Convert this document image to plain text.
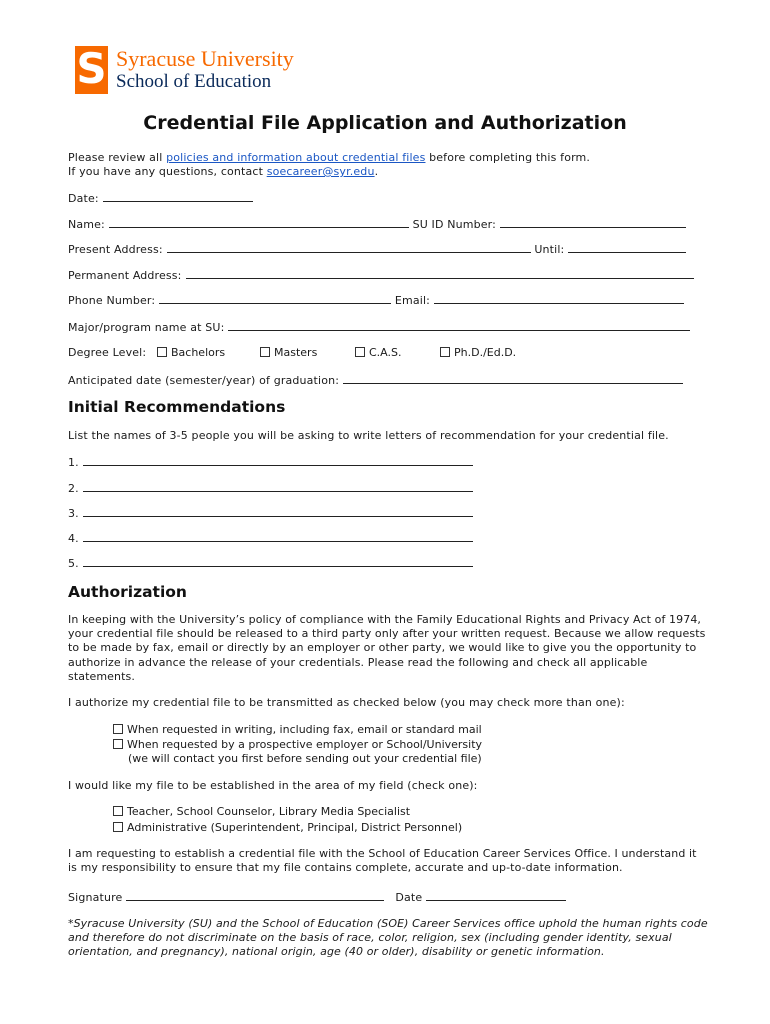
S Syracuse University
School of Education
Credential File Application and Authorization
Please review all policies and information about credential files before completing this form.
If you have any questions, contact soecareer@syr.edu.
Date:
Name:	SU ID Number:
Present Address:	Until:
Permanent Address:
Phone Number:	Email:
Major/program name at SU:
Degree Level:	Bachelors	Masters	C.A.S.	Ph.D./Ed.D.
Anticipated date (semester/year) of graduation:
Initial Recommendations
List the names of 3-5 people you will be asking to write letters of recommendation for your credential file.
1.
2.
3.
4.
5.
Authorization
In keeping with the University’s policy of compliance with the Family Educational Rights and Privacy Act of 1974, your credential file should be released to a third party only after your written request. Because we allow requests to be made by fax, email or directly by an employer or other party, we would like to give you the opportunity to authorize in advance the release of your credentials. Please read the following and check all applicable statements.
I authorize my credential file to be transmitted as checked below (you may check more than one):
When requested in writing, including fax, email or standard mail
When requested by a prospective employer or School/University
(we will contact you first before sending out your credential file)
I would like my file to be established in the area of my field (check one):
Teacher, School Counselor, Library Media Specialist
Administrative (Superintendent, Principal, District Personnel)
I am requesting to establish a credential file with the School of Education Career Services Office. I understand it is my responsibility to ensure that my file contains complete, accurate and up-to-date information.
Signature	Date
*Syracuse University (SU) and the School of Education (SOE) Career Services office uphold the human rights code and therefore do not discriminate on the basis of race, color, religion, sex (including gender identity, sexual orientation, and pregnancy), national origin, age (40 or older), disability or genetic information.
